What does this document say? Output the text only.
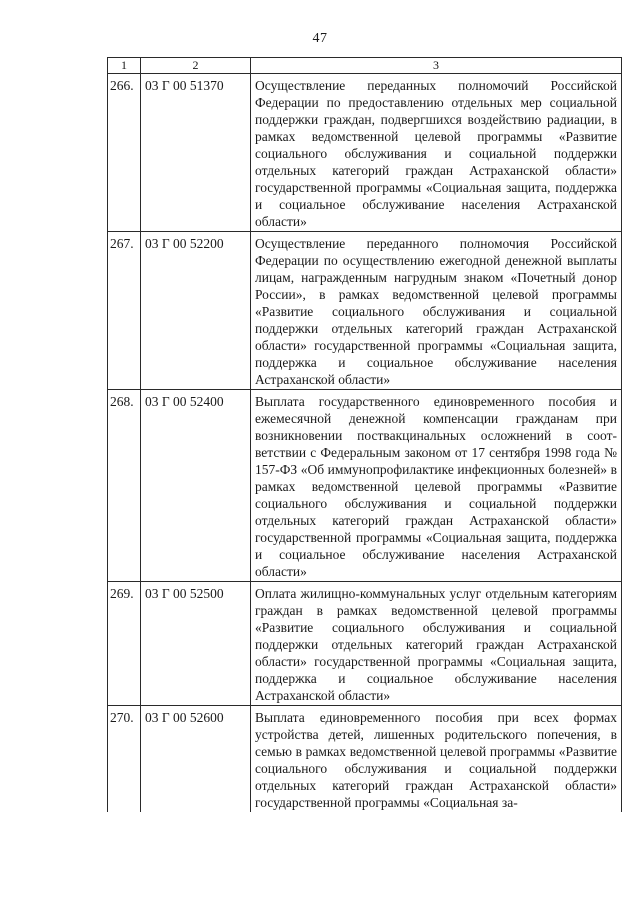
47
1	2	3
266.	03 Г 00 51370	Осуществление переданных полномочий Российской Федерации по предоставлению отдельных мер социальной поддержки граждан, подвергшихся воздействию радиации, в рамках ведомственной целевой программы «Развитие социального обслуживания и социальной поддержки отдельных категорий граждан Астраханской области» государственной программы «Социальная защита, поддержка и социальное обслуживание населения Астраханской области»
267.	03 Г 00 52200	Осуществление переданного полномочия Российской Федерации по осуществлению ежегодной денежной выплаты лицам, награжденным нагрудным знаком «Почетный донор России», в рамках ведомственной целевой программы «Развитие социального обслуживания и социальной поддержки отдельных категорий граждан Астраханской области» государственной программы «Социальная защита, поддержка и социальное обслуживание населения Астраханской области»
268.	03 Г 00 52400	Выплата государственного единовременного пособия и ежемесячной денежной компенсации гражданам при возникновении поствакцинальных осложнений в соответствии с Федеральным законом от 17 сентября 1998 года № 157-ФЗ «Об иммунопрофилактике инфекционных болезней» в рамках ведомственной целевой программы «Развитие социального обслуживания и социальной поддержки отдельных категорий граждан Астраханской области» государственной программы «Социальная защита, поддержка и социальное обслуживание населения Астраханской области»
269.	03 Г 00 52500	Оплата жилищно-коммунальных услуг отдельным категориям граждан в рамках ведомственной целевой программы «Развитие социального обслуживания и социальной поддержки отдельных категорий граждан Астраханской области» государственной программы «Социальная защита, поддержка и социальное обслуживание населения Астраханской области»
270.	03 Г 00 52600	Выплата единовременного пособия при всех формах устройства детей, лишенных родительского попечения, в семью в рамках ведомственной целевой программы «Развитие социального обслуживания и социальной поддержки отдельных категорий граждан Астраханской области» государственной программы «Социальная за-
